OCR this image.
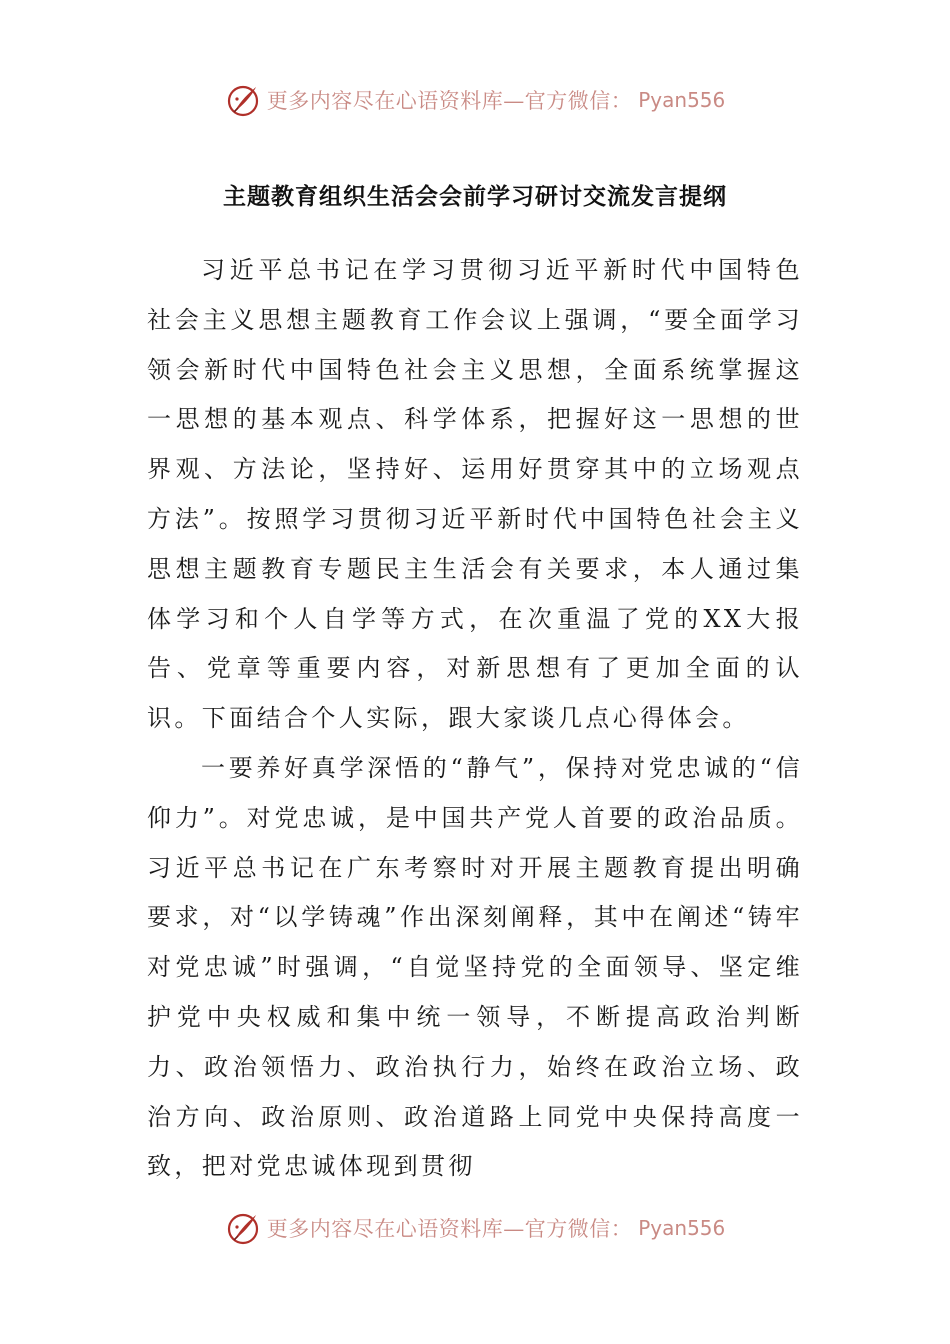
更多内容尽在心语资料库—官方微信： Pyan556
主题教育组织生活会会前学习研讨交流发言提纲

习近平总书记在学习贯彻习近平新时代中国特色社会主义思想主题教育工作会议上强调，“要全面学习领会新时代中国特色社会主义思想，全面系统掌握这一思想的基本观点、科学体系，把握好这一思想的世界观、方法论，坚持好、运用好贯穿其中的立场观点方法”。按照学习贯彻习近平新时代中国特色社会主义思想主题教育专题民主生活会有关要求，本人通过集体学习和个人自学等方式，在次重温了党的XX大报告、党章等重要内容，对新思想有了更加全面的认识。下面结合个人实际，跟大家谈几点心得体会。

一要养好真学深悟的“静气”，保持对党忠诚的“信仰力”。对党忠诚，是中国共产党人首要的政治品质。习近平总书记在广东考察时对开展主题教育提出明确要求，对“以学铸魂”作出深刻阐释，其中在阐述“铸牢对党忠诚”时强调，“自觉坚持党的全面领导、坚定维护党中央权威和集中统一领导，不断提高政治判断力、政治领悟力、政治执行力，始终在政治立场、政治方向、政治原则、政治道路上同党中央保持高度一致，把对党忠诚体现到贯彻

更多内容尽在心语资料库—官方微信： Pyan556
